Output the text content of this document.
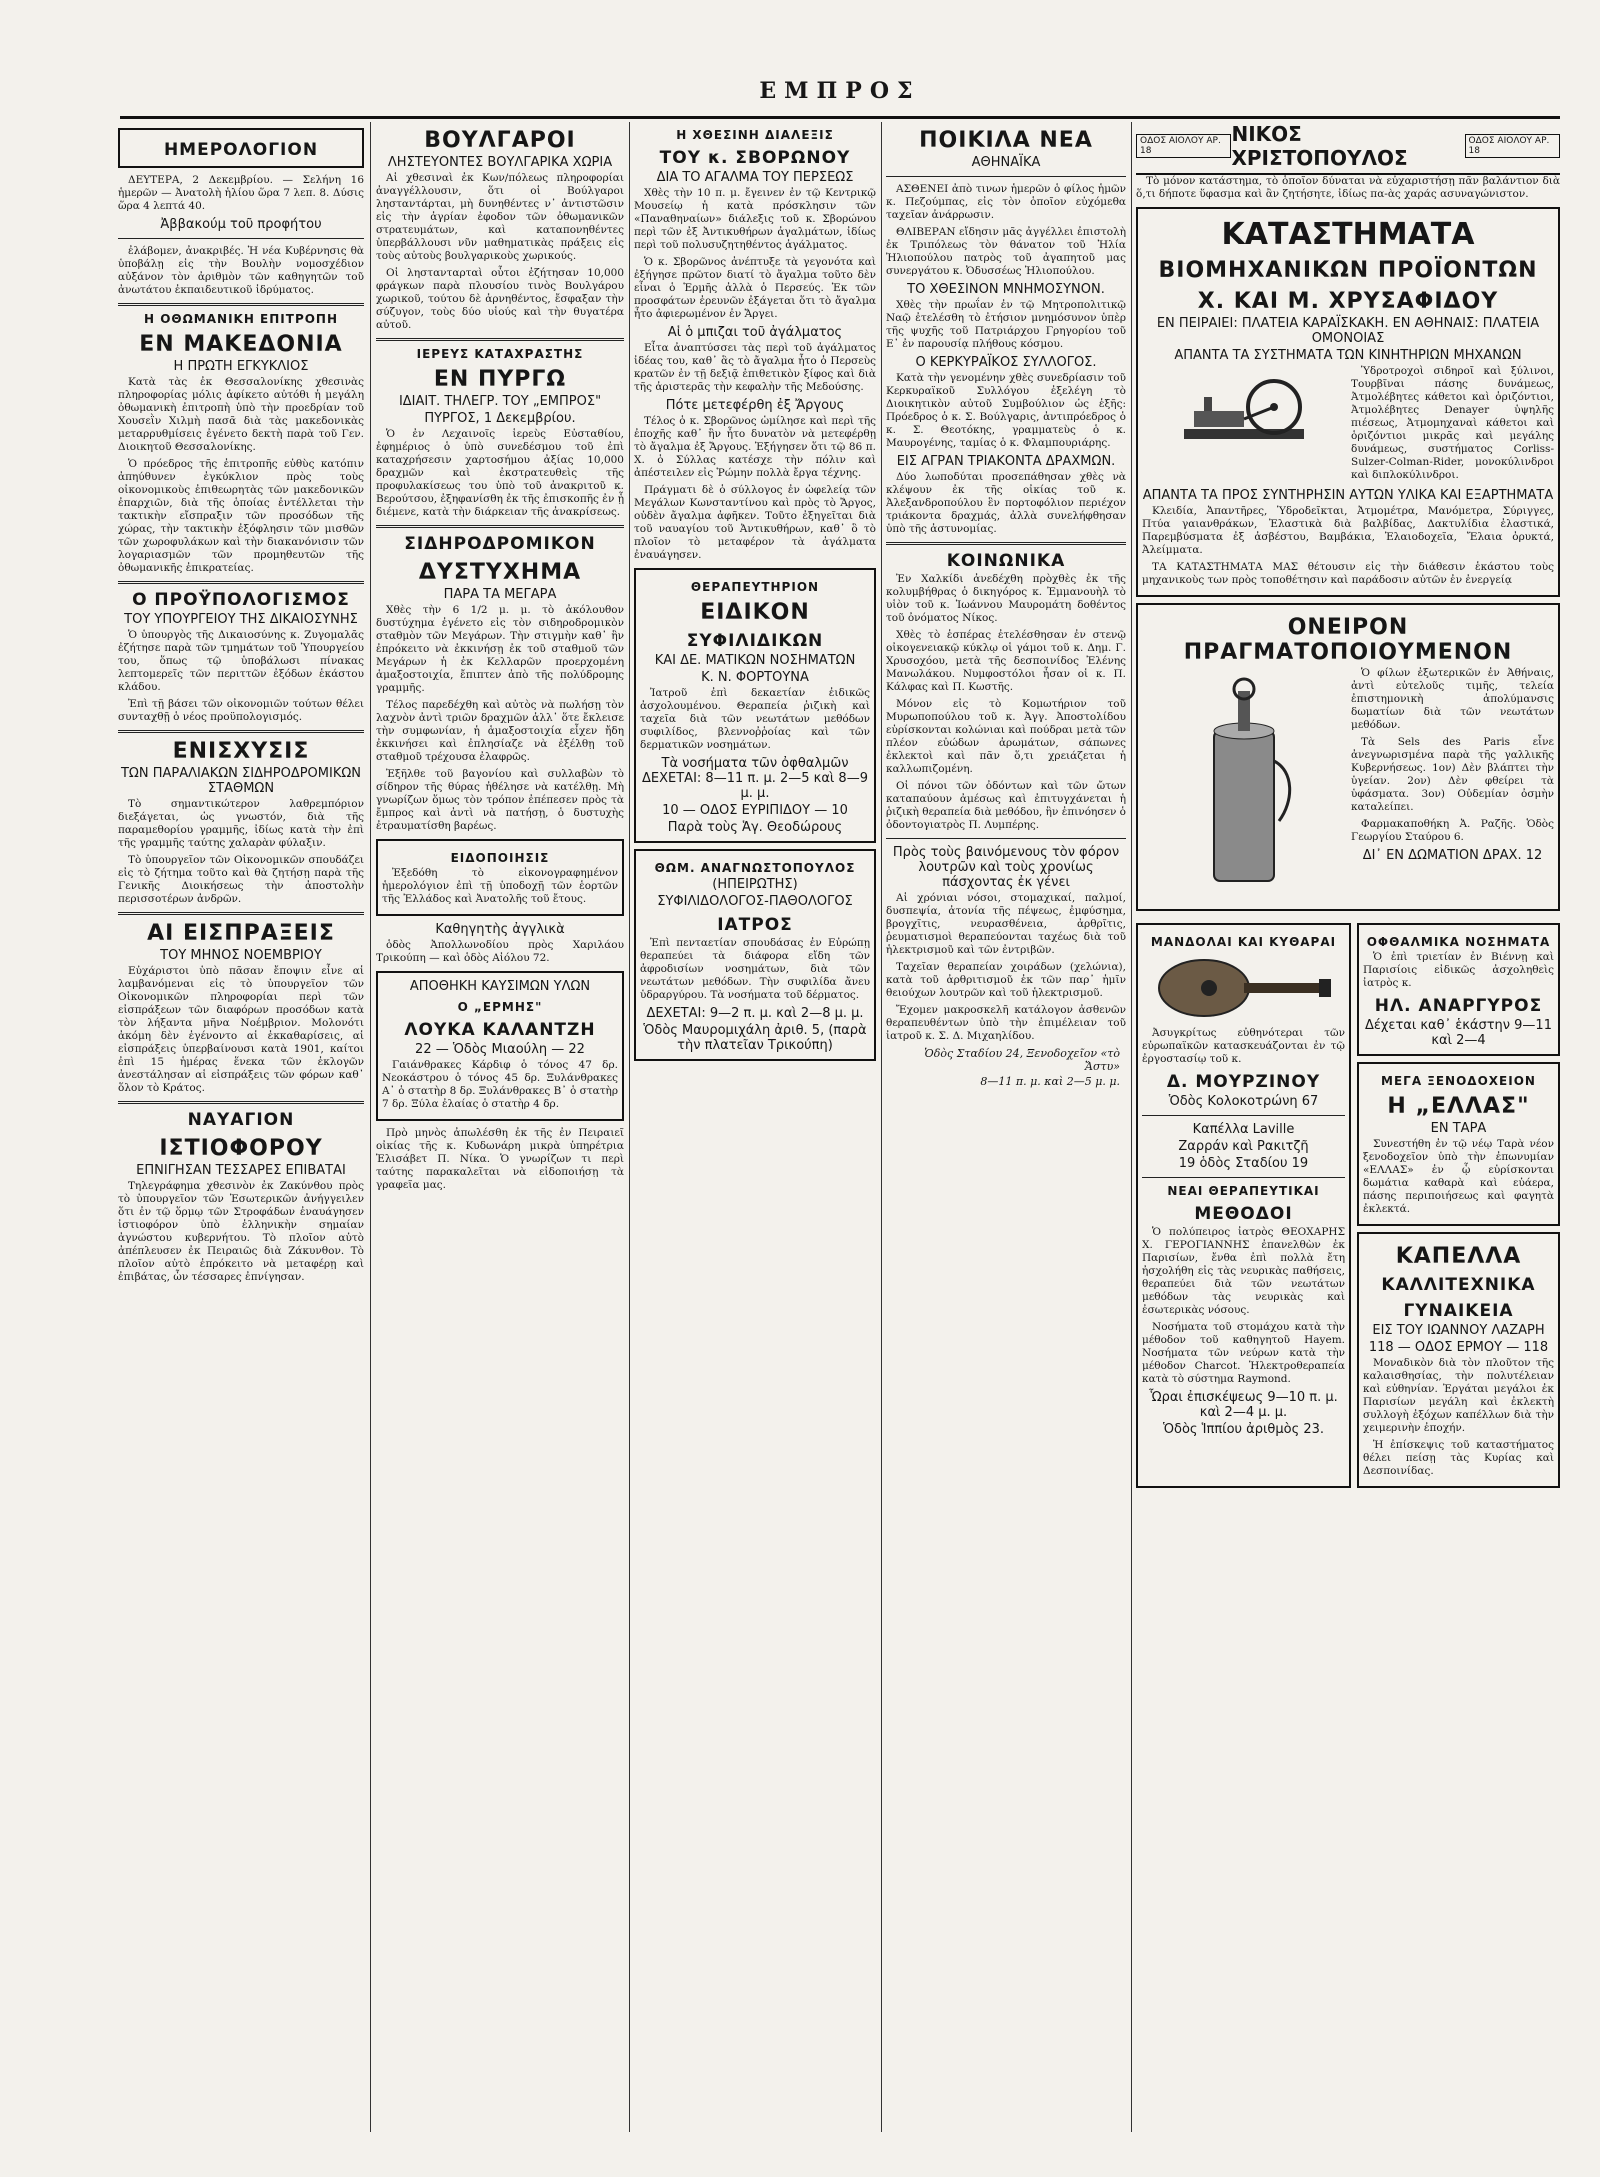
ΕΜΠΡΟΣ
ΗΜΕΡΟΛΟΓΙΟΝ

ΔΕΥΤΕΡΑ, 2 Δεκεμβρίου. — Σελήνη 16 ἡμερῶν — Ἀνατολὴ ἡλίου ὥρα 7 λεπ. 8. Δύσις ὥρα 4 λεπτά 40.

Ἀββακούμ τοῦ προφήτου

ἐλάβομεν, ἀνακριβές. Ἡ νέα Κυβέρνησις θὰ ὑποβάλῃ εἰς τὴν Βουλὴν νομοσχέδιον αὐξάνον τὸν ἀριθμὸν τῶν καθηγητῶν τοῦ ἀνωτάτου ἐκπαιδευτικοῦ ἱδρύματος.

Η ΟΘΩΜΑΝΙΚΗ ΕΠΙΤΡΟΠΗ
ΕΝ ΜΑΚΕΔΟΝΙΑ
Η ΠΡΩΤΗ ΕΓΚΥΚΛΙΟΣ

Κατὰ τὰς ἐκ Θεσσαλονίκης χθεσινὰς πληροφορίας μόλις ἀφίκετο αὐτόθι ἡ μεγάλη ὀθωμανικὴ ἐπιτροπὴ ὑπὸ τὴν προεδρίαν τοῦ Χουσεῒν Χιλμὴ πασᾶ διὰ τὰς μακεδονικὰς μεταρρυθμίσεις ἐγένετο δεκτὴ παρὰ τοῦ Γεν. Διοικητοῦ Θεσσαλονίκης.

Ὁ πρόεδρος τῆς ἐπιτροπῆς εὐθὺς κατόπιν ἀπηύθυνεν ἐγκύκλιον πρὸς τοὺς οἰκονομικοὺς ἐπιθεωρητὰς τῶν μακεδονικῶν ἐπαρχιῶν, διὰ τῆς ὁποίας ἐντέλλεται τὴν τακτικὴν εἴσπραξιν τῶν προσόδων τῆς χώρας, τὴν τακτικὴν ἐξόφλησιν τῶν μισθῶν τῶν χωροφυλάκων καὶ τὴν διακανόνισιν τῶν λογαριασμῶν τῶν προμηθευτῶν τῆς ὀθωμανικῆς ἐπικρατείας.

Ο ΠΡΟΫΠΟΛΟΓΙΣΜΟΣ
ΤΟΥ ΥΠΟΥΡΓΕΙΟΥ ΤΗΣ ΔΙΚΑΙΟΣΥΝΗΣ

Ὁ ὑπουργὸς τῆς Δικαιοσύνης κ. Ζυγομαλᾶς ἐζήτησε παρὰ τῶν τμημάτων τοῦ Ὑπουργείου του, ὅπως τῷ ὑποβάλωσι πίνακας λεπτομερεῖς τῶν περιττῶν ἐξόδων ἑκάστου κλάδου.

Ἐπὶ τῇ βάσει τῶν οἰκονομιῶν τούτων θέλει συνταχθῇ ὁ νέος προϋπολογισμός.

ΕΝΙΣΧΥΣΙΣ
ΤΩΝ ΠΑΡΑΛΙΑΚΩΝ ΣΙΔΗΡΟΔΡΟΜΙΚΩΝ ΣΤΑΘΜΩΝ

Τὸ σημαντικώτερον λαθρεμπόριον διεξάγεται, ὡς γνωστόν, διὰ τῆς παραμεθορίου γραμμῆς, ἰδίως κατὰ τὴν ἐπὶ τῆς γραμμῆς ταύτης χαλαρὰν φύλαξιν.

Τὸ ὑπουργεῖον τῶν Οἰκονομικῶν σπουδάζει εἰς τὸ ζήτημα τοῦτο καὶ θὰ ζητήσῃ παρὰ τῆς Γενικῆς Διοικήσεως τὴν ἀποστολὴν περισσοτέρων ἀνδρῶν.

ΑΙ ΕΙΣΠΡΑΞΕΙΣ
ΤΟΥ ΜΗΝΟΣ ΝΟΕΜΒΡΙΟΥ

Εὐχάριστοι ὑπὸ πᾶσαν ἔποψιν εἶνε αἱ λαμβανόμεναι εἰς τὸ ὑπουργεῖον τῶν Οἰκονομικῶν πληροφορίαι περὶ τῶν εἰσπράξεων τῶν διαφόρων προσόδων κατὰ τὸν λήξαντα μῆνα Νοέμβριον. Μολονότι ἀκόμη δὲν ἐγένοντο αἱ ἐκκαθαρίσεις, αἱ εἰσπράξεις ὑπερβαίνουσι κατὰ 1901, καίτοι ἐπὶ 15 ἡμέρας ἕνεκα τῶν ἐκλογῶν ἀνεστάλησαν αἱ εἰσπράξεις τῶν φόρων καθ᾽ ὅλον τὸ Κράτος.

ΝΑΥΑΓΙΟΝ
ΙΣΤΙΟΦΟΡΟΥ
ΕΠΝΙΓΗΣΑΝ ΤΕΣΣΑΡΕΣ ΕΠΙΒΑΤΑΙ

Τηλεγράφημα χθεσινὸν ἐκ Ζακύνθου πρὸς τὸ ὑπουργεῖον τῶν Ἐσωτερικῶν ἀνήγγειλεν ὅτι ἐν τῷ ὅρμῳ τῶν Στροφάδων ἐναυάγησεν ἰστιοφόρον ὑπὸ ἑλληνικὴν σημαίαν ἀγνώστου κυβερνήτου. Τὸ πλοῖον αὐτὸ ἀπέπλευσεν ἐκ Πειραιῶς διὰ Ζάκυνθον. Τὸ πλοῖον αὐτὸ ἐπρόκειτο νὰ μεταφέρῃ καὶ ἐπιβάτας, ὧν τέσσαρες ἐπνίγησαν.

ΒΟΥΛΓΑΡΟΙ
ΛΗΣΤΕΥΟΝΤΕΣ ΒΟΥΛΓΑΡΙΚΑ ΧΩΡΙΑ

Αἱ χθεσιναὶ ἐκ Κων/πόλεως πληροφορίαι ἀναγγέλλουσιν, ὅτι οἱ Βούλγαροι λησταντάρται, μὴ δυνηθέντες ν᾽ ἀντιστῶσιν εἰς τὴν ἀγρίαν ἐφοδον τῶν ὀθωμανικῶν στρατευμάτων, καὶ καταπονηθέντες ὑπερβάλλουσι νῦν μαθηματικὰς πράξεις εἰς τοὺς αὐτοὺς βουλγαρικοὺς χωρικούς.

Οἱ ληστανταρταὶ οὗτοι ἐζήτησαν 10,000 φράγκων παρὰ πλουσίου τινὸς Βουλγάρου χωρικοῦ, τούτου δὲ ἀρνηθέντος, ἔσφαξαν τὴν σύζυγον, τοὺς δύο υἱούς καὶ τὴν θυγατέρα αὐτοῦ.

ΙΕΡΕΥΣ ΚΑΤΑΧΡΑΣΤΗΣ
ΕΝ ΠΥΡΓΩ
ΙΔΙΑΙΤ. ΤΗΛΕΓΡ. ΤΟΥ „ΕΜΠΡΟΣ"
ΠΥΡΓΟΣ, 1 Δεκεμβρίου.

Ὁ ἐν Λεχαινοῖς ἱερεὺς Εὐσταθίου, ἐφημέριος ὁ ὑπὸ συνεδέσμου τοῦ ἐπὶ καταχρήσεσιν χαρτοσήμου ἀξίας 10,000 δραχμῶν καὶ ἐκστρατευθεὶς τῆς προφυλακίσεως του ὑπὸ τοῦ ἀνακριτοῦ κ. Βερούτσου, ἐξηφανίσθη ἐκ τῆς ἐπισκοπῆς ἐν ᾗ διέμενε, κατὰ τὴν διάρκειαν τῆς ἀνακρίσεως.

ΣΙΔΗΡΟΔΡΟΜΙΚΟΝ
ΔΥΣΤΥΧΗΜΑ
ΠΑΡΑ ΤΑ ΜΕΓΑΡΑ

Χθὲς τὴν 6 1/2 μ. μ. τὸ ἀκόλουθον δυστύχημα ἐγένετο εἰς τὸν σιδηροδρομικὸν σταθμὸν τῶν Μεγάρων. Τὴν στιγμὴν καθ᾽ ἣν ἐπρόκειτο νὰ ἐκκινήσῃ ἐκ τοῦ σταθμοῦ τῶν Μεγάρων ἡ ἐκ Κελλαρῶν προερχομένη ἁμαξοστοιχία, ἔπιπτεν ἀπὸ τῆς πολύδρομης γραμμῆς.

Τέλος παρεδέχθη καὶ αὐτὸς νὰ πωλήσῃ τὸν λαχνὸν ἀντὶ τριῶν δραχμῶν ἀλλ᾽ ὅτε ἔκλεισε τὴν συμφωνίαν, ἡ ἁμαξοστοιχία εἶχεν ἤδη ἐκκινήσει καὶ ἐπλησίαζε νὰ ἐξέλθῃ τοῦ σταθμοῦ τρέχουσα ἐλαφρῶς.

Ἐξῆλθε τοῦ βαγονίου καὶ συλλαβὼν τὸ σίδηρον τῆς θύρας ἠθέλησε νὰ κατέλθῃ. Μὴ γνωρίζων ὅμως τὸν τρόπον ἐπέπεσεν πρὸς τὰ ἔμπρος καὶ ἀντὶ νὰ πατήσῃ, ὁ δυστυχὴς ἐτραυματίσθη βαρέως.

ΕΙΔΟΠΟΙΗΣΙΣ

Ἐξεδόθη τὸ εἰκονογραφημένον ἡμερολόγιον ἐπὶ τῇ ὑποδοχῇ τῶν ἑορτῶν τῆς Ἐλλάδος καὶ Ἀνατολῆς τοῦ ἔτους.

Καθηγητὴς ἀγγλικὰ

ὁδὸς Ἀπολλωνοδίου πρὸς Χαριλάου Τρικούπη — καὶ ὁδὸς Αἰόλου 72.

ΑΠΟΘΗΚΗ ΚΑΥΣΙΜΩΝ ΥΛΩΝ
Ο „ΕΡΜΗΣ"
ΛΟΥΚΑ ΚΑΛΑΝΤΖΗ
22 — Ὁδὸς Μιαούλη — 22

Γαιάνθρακες Κάρδιφ ὁ τόνος 47 δρ. Νεοκάστρου ὁ τόνος 45 δρ. Ξυλάνθρακες Α᾽ ὁ στατὴρ 8 δρ. Ξυλάνθρακες Β᾽ ὁ στατὴρ 7 δρ. Ξύλα ἐλαίας ὁ στατὴρ 4 δρ.

Πρὸ μηνὸς ἀπωλέσθη ἐκ τῆς ἐν Πειραιεῖ οἰκίας τῆς κ. Κυδωνάρη μικρὰ ὑπηρέτρια Ἑλισάβετ Π. Νίκα. Ὁ γνωρίζων τι περὶ ταύτης παρακαλεῖται νὰ εἰδοποιήσῃ τὰ γραφεῖα μας.

Η ΧΘΕΣΙΝΗ ΔΙΑΛΕΞΙΣ
ΤΟΥ κ. ΣΒΟΡΩΝΟΥ
ΔΙΑ ΤΟ ΑΓΑΛΜΑ ΤΟΥ ΠΕΡΣΕΩΣ

Χθὲς τὴν 10 π. μ. ἔγεινεν ἐν τῷ Κεντρικῷ Μουσείῳ ἡ κατὰ πρόσκλησιν τῶν «Παναθηναίων» διάλεξις τοῦ κ. Σβορώνου περὶ τῶν ἐξ Ἀντικυθήρων ἀγαλμάτων, ἰδίως περὶ τοῦ πολυσυζητηθέντος ἀγάλματος.

Ὁ κ. Σβορῶνος ἀνέπτυξε τὰ γεγονότα καὶ ἐξήγησε πρῶτον διατί τὸ ἄγαλμα τοῦτο δὲν εἶναι ὁ Ἑρμῆς ἀλλὰ ὁ Περσεύς. Ἐκ τῶν προσφάτων ἐρευνῶν ἐξάγεται ὅτι τὸ ἄγαλμα ἦτο ἀφιερωμένον ἐν Ἄργει.

Αἱ ὁ μπιζαι τοῦ ἀγάλματος

Εἶτα ἀναπτύσσει τὰς περὶ τοῦ ἀγάλματος ἰδέας του, καθ᾽ ἃς τὸ ἄγαλμα ἦτο ὁ Περσεὺς κρατῶν ἐν τῇ δεξιᾷ ἐπιθετικὸν ξίφος καὶ διὰ τῆς ἀριστερᾶς τὴν κεφαλὴν τῆς Μεδούσης.

Πότε μετεφέρθη ἐξ Ἄργους

Τέλος ὁ κ. Σβορῶνος ὡμίλησε καὶ περὶ τῆς ἐποχῆς καθ᾽ ἣν ἦτο δυνατὸν νὰ μετεφέρθῃ τὸ ἄγαλμα ἐξ Ἄργους. Ἐξήγησεν ὅτι τῷ 86 π. Χ. ὁ Σύλλας κατέσχε τὴν πόλιν καὶ ἀπέστειλεν εἰς Ῥώμην πολλὰ ἔργα τέχνης.

Πράγματι δὲ ὁ σύλλογος ἐν ὠφελείᾳ τῶν Μεγάλων Κωνσταντίνου καὶ πρὸς τὸ Ἄργος, οὐδὲν ἄγαλμα ἀφῆκεν. Τοῦτο ἐξηγεῖται διὰ τοῦ ναυαγίου τοῦ Ἀντικυθήρων, καθ᾽ ὃ τὸ πλοῖον τὸ μεταφέρον τὰ ἀγάλματα ἐναυάγησεν.

ΘΕΡΑΠΕΥΤΗΡΙΟΝ
ΕΙΔΙΚΟΝ
ΣΥΦΙΛΙΔΙΚΩΝ
ΚΑΙ ΔΕ. ΜΑΤΙΚΩΝ ΝΟΣΗΜΑΤΩΝ
Κ. Ν. ΦΟΡΤΟΥΝΑ

Ἰατροῦ ἐπὶ δεκαετίαν ἐιδικῶς ἀσχολουμένου. Θεραπεία ῥιζικὴ καὶ ταχεῖα διὰ τῶν νεωτάτων μεθόδων συφιλίδος, βλεννοῤῥοίας καὶ τῶν δερματικῶν νοσημάτων.

Τὰ νοσήματα τῶν ὀφθαλμῶν ΔΕΧΕΤΑΙ: 8—11 π. μ. 2—5 καὶ 8—9 μ. μ.
10 — ΟΔΟΣ ΕΥΡΙΠΙΔΟΥ — 10
Παρὰ τοὺς Ἁγ. Θεοδώρους
ΘΩΜ. ΑΝΑΓΝΩΣΤΟΠΟΥΛΟΣ
(ΗΠΕΙΡΩΤΗΣ)
ΣΥΦΙΛΙΔΟΛΟΓΟΣ-ΠΑΘΟΛΟΓΟΣ
ΙΑΤΡΟΣ

Ἐπὶ πενταετίαν σπουδάσας ἐν Εὐρώπῃ θεραπεύει τὰ διάφορα εἴδη τῶν ἀφροδισίων νοσημάτων, διὰ τῶν νεωτάτων μεθόδων. Τὴν συφιλίδα ἄνευ ὑδραργύρου. Τὰ νοσήματα τοῦ δέρματος.

ΔΕΧΕΤΑΙ: 9—2 π. μ. καὶ 2—8 μ. μ.
Ὁδὸς Μαυρομιχάλη ἀριθ. 5, (παρὰ τὴν πλατεῖαν Τρικούπη)
ΠΟΙΚΙΛΑ ΝΕΑ
ΑΘΗΝΑΪΚΑ

ΑΣΘΕΝΕΙ ἀπὸ τινων ἡμερῶν ὁ φίλος ἡμῶν κ. Πεζούμπας, εἰς τὸν ὁποῖον εὐχόμεθα ταχεῖαν ἀνάρρωσιν.

ΘΛΙΒΕΡΑΝ εἴδησιν μᾶς ἀγγέλλει ἐπιστολὴ ἐκ Τριπόλεως τὸν θάνατον τοῦ Ἠλία Ἠλιοπούλου πατρὸς τοῦ ἀγαπητοῦ μας συνεργάτου κ. Ὀδυσσέως Ἠλιοπούλου.

ΤΟ ΧΘΕΣΙΝΟΝ ΜΝΗΜΟΣΥΝΟΝ.

Χθὲς τὴν πρωΐαν ἐν τῷ Μητροπολιτικῷ Ναῷ ἐτελέσθη τὸ ἐτήσιον μνημόσυνον ὑπὲρ τῆς ψυχῆς τοῦ Πατριάρχου Γρηγορίου τοῦ Ε᾽ ἐν παρουσίᾳ πλήθους κόσμου.

Ο ΚΕΡΚΥΡΑΪΚΟΣ ΣΥΛΛΟΓΟΣ.

Κατὰ τὴν γενομένην χθὲς συνεδρίασιν τοῦ Κερκυραϊκοῦ Συλλόγου ἐξελέγη τὸ Διοικητικὸν αὐτοῦ Συμβούλιον ὡς ἑξῆς: Πρόεδρος ὁ κ. Σ. Βούλγαρις, ἀντιπρόεδρος ὁ κ. Σ. Θεοτόκης, γραμματεὺς ὁ κ. Μαυρογένης, ταμίας ὁ κ. Φλαμπουριάρης.

ΕΙΣ ΑΓΡΑΝ ΤΡΙΑΚΟΝΤΑ ΔΡΑΧΜΩΝ.

Δύο λωποδύται προσεπάθησαν χθὲς νὰ κλέψουν ἐκ τῆς οἰκίας τοῦ κ. Ἀλεξανδροπούλου ἓν πορτοφόλιον περιέχον τριάκοντα δραχμάς, ἀλλὰ συνελήφθησαν ὑπὸ τῆς ἀστυνομίας.

ΚΟΙΝΩΝΙΚΑ

Ἐν Χαλκίδι ἀνεδέχθη πρὸχθὲς ἐκ τῆς κολυμβήθρας ὁ δικηγόρος κ. Ἐμμανουὴλ τὸ υἱὸν τοῦ κ. Ἰωάννου Μαυρομάτη δοθέντος τοῦ ὀνόματος Νίκος.

Χθὲς τὸ ἑσπέρας ἐτελέσθησαν ἐν στενῷ οἰκογενειακῷ κύκλῳ οἱ γάμοι τοῦ κ. Δημ. Γ. Χρυσοχόου, μετὰ τῆς δεσποινίδος Ἐλένης Μανωλάκου. Νυμφοστόλοι ἦσαν οἱ κ. Π. Κάλφας καὶ Π. Κωστῆς.

Μόνον εἰς τὸ Κομωτήριον τοῦ Μυρωποπούλου τοῦ κ. Ἀγγ. Ἀποστολίδου εὑρίσκονται κολώνιαι καὶ πούδραι μετὰ τῶν πλέον εὐώδων ἀρωμάτων, σάπωνες ἐκλεκτοὶ καὶ πᾶν ὅ,τι χρειάζεται ἡ καλλωπιζομένη.

Οἱ πόνοι τῶν ὀδόντων καὶ τῶν ὤτων καταπαύουν ἀμέσως καὶ ἐπιτυγχάνεται ἡ ῥιζικὴ θεραπεία διὰ μεθόδου, ἣν ἐπινόησεν ὁ ὀδοντογιατρὸς Π. Λυμπέρης.

Πρὸς τοὺς βαινόμενους τὸν φόρον λουτρῶν καὶ τοὺς χρονίως πάσχοντας ἐκ γένει

Αἱ χρόνιαι νόσοι, στομαχικαί, παλμοί, δυσπεψία, ἀτονία τῆς πέψεως, ἐμφύσημα, βρογχῖτις, νευρασθένεια, ἀρθρῖτις, ῥευματισμοὶ θεραπεύονται ταχέως διὰ τοῦ ἡλεκτρισμοῦ καὶ τῶν ἐντριβῶν.

Ταχεῖαν θεραπείαν χοιράδων (χελώνια), κατὰ τοῦ ἀρθριτισμοῦ ἐκ τῶν παρ᾽ ἡμῖν θειούχων λουτρῶν καὶ τοῦ ἡλεκτρισμοῦ.

Ἔχομεν μακροσκελῆ κατάλογον ἀσθενῶν θεραπευθέντων ὑπὸ τὴν ἐπιμέλειαν τοῦ ἰατροῦ κ. Σ. Δ. Μιχαηλίδου.

Ὁδὸς Σταδίου 24, Ξενοδοχεῖον «τὸ Ἄστυ»
8—11 π. μ. καὶ 2—5 μ. μ.
ΟΔΟΣ ΑΙΟΛΟΥ ΑΡ. 18
ΝΙΚΟΣ ΧΡΙΣΤΟΠΟΥΛΟΣ
ΟΔΟΣ ΑΙΟΛΟΥ ΑΡ. 18

Τὸ μόνον κατάστημα, τὸ ὁποῖον δύναται νὰ εὐχαριστήσῃ πᾶν βαλάντιον διὰ ὅ,τι δήποτε ὕφασμα καὶ ἂν ζητήσητε, ἰδίως πα-ὰς χαράς ασυναγώνιστον.

ΚΑΤΑΣΤΗΜΑΤΑ
ΒΙΟΜΗΧΑΝΙΚΩΝ ΠΡΟΪΟΝΤΩΝ
Χ. ΚΑΙ Μ. ΧΡΥΣΑΦΙΔΟΥ
ΕΝ ΠΕΙΡΑΙΕΙ: ΠΛΑΤΕΙΑ ΚΑΡΑΪΣΚΑΚΗ. ΕΝ ΑΘΗΝΑΙΣ: ΠΛΑΤΕΙΑ ΟΜΟΝΟΙΑΣ
ΑΠΑΝΤΑ ΤΑ ΣΥΣΤΗΜΑΤΑ ΤΩΝ ΚΙΝΗΤΗΡΙΩΝ ΜΗΧΑΝΩΝ

Ὑδροτροχοὶ σιδηροῖ καὶ ξύλινοι, Τουρβῖναι πάσης δυνάμεως, Ἀτμολέβητες κάθετοι καὶ ὁριζόντιοι, Ἀτμολέβητες Denayer ὑψηλῆς πιέσεως, Ἀτμομηχαναὶ κάθετοι καὶ ὁριζόντιοι μικρᾶς καὶ μεγάλης δυνάμεως, συστήματος Corliss-Sulzer-Colman-Rider, μονοκύλινδροι καὶ διπλοκύλινδροι.

ΑΠΑΝΤΑ ΤΑ ΠΡΟΣ ΣΥΝΤΗΡΗΣΙΝ ΑΥΤΩΝ ΥΛΙΚΑ ΚΑΙ ΕΞΑΡΤΗΜΑΤΑ

Κλειδία, Ἀπαντῆρες, Ὑδροδεῖκται, Ἀτμομέτρα, Μανόμετρα, Σύριγγες, Πτύα γαιανθράκων, Ἐλαστικὰ διὰ βαλβίδας, Δακτυλίδια ἐλαστικά, Παρεμβύσματα ἐξ ἀσβέστου, Βαμβάκια, Ἐλαιοδοχεῖα, Ἔλαια ὀρυκτά, Ἀλείμματα.

ΤΑ ΚΑΤΑΣΤΗΜΑΤΑ ΜΑΣ θέτουσιν εἰς τὴν διάθεσιν ἑκάστου τοὺς μηχανικοὺς των πρὸς τοποθέτησιν καὶ παράδοσιν αὐτῶν ἐν ἐνεργείᾳ

ΟΝΕΙΡΟΝ ΠΡΑΓΜΑΤΟΠΟΙΟΥΜΕΝΟΝ

Ὁ φίλων ἐξωτερικῶν ἐν Ἀθήναις, ἀντὶ εὐτελοῦς τιμῆς, τελεία ἐπιστημονικὴ ἀπολύμανσις δωματίων διὰ τῶν νεωτάτων μεθόδων.

Τὰ Sels des Paris εἶνε ἀνεγνωρισμένα παρὰ τῆς γαλλικῆς Κυβερνήσεως. 1ον) Δὲν βλάπτει τὴν ὑγείαν. 2ον) Δὲν φθείρει τὰ ὑφάσματα. 3ον) Οὐδεμίαν ὀσμὴν καταλείπει.

Φαρμακαποθήκη Ἀ. Ραζῆς. Ὁδὸς Γεωργίου Σταύρου 6.

ΔΙ᾽ ΕΝ ΔΩΜΑΤΙΟΝ ΔΡΑΧ. 12
ΜΑΝΔΟΛΑΙ ΚΑΙ ΚΥΘΑΡΑΙ

Ἀσυγκρίτως εὐθηνότεραι τῶν εὐρωπαϊκῶν κατασκευάζονται ἐν τῷ ἐργοστασίῳ τοῦ κ.

Δ. ΜΟΥΡΖΙΝΟΥ
Ὁδὸς Κολοκοτρώνη 67
Καπέλλα Laville
Ζαρράν καὶ Ρακιτζῆ
19 ὁδὸς Σταδίου 19
ΝΕΑΙ ΘΕΡΑΠΕΥΤΙΚΑΙ
ΜΕΘΟΔΟΙ

Ὁ πολύπειρος ἰατρὸς ΘΕΟΧΑΡΗΣ Χ. ΓΕΡΟΓΙΑΝΝΗΣ ἐπανελθὼν ἐκ Παρισίων, ἔνθα ἐπὶ πολλὰ ἔτη ἠσχολήθη εἰς τὰς νευρικὰς παθήσεις, θεραπεύει διὰ τῶν νεωτάτων μεθόδων τὰς νευρικὰς καὶ ἐσωτερικὰς νόσους.

Νοσήματα τοῦ στομάχου κατὰ τὴν μέθοδον τοῦ καθηγητοῦ Hayem. Νοσήματα τῶν νεύρων κατὰ τὴν μέθοδον Charcot. Ἡλεκτροθεραπεία κατὰ τὸ σύστημα Raymond.

Ὧραι ἐπισκέψεως 9—10 π. μ. καὶ 2—4 μ. μ.
Ὁδὸς Ἱππίου ἀριθμὸς 23.
ΟΦΘΑΛΜΙΚΑ ΝΟΣΗΜΑΤΑ

Ὁ ἐπὶ τριετίαν ἐν Βιέννῃ καὶ Παρισίοις εἰδικῶς ἀσχοληθεὶς ἰατρὸς κ.

ΗΛ. ΑΝΑΡΓΥΡΟΣ
Δέχεται καθ᾽ ἑκάστην 9—11 καὶ 2—4
ΜΕΓΑ ΞΕΝΟΔΟΧΕΙΟΝ
Η „ΕΛΛΑΣ"
ΕΝ ΤΑΡΑ

Συνεστήθη ἐν τῷ νέῳ Ταρὰ νέον ξενοδοχεῖον ὑπὸ τὴν ἐπωνυμίαν «ΕΛΛΑΣ» ἐν ᾧ εὑρίσκονται δωμάτια καθαρὰ καὶ εὐάερα, πάσης περιποιήσεως καὶ φαγητὰ ἐκλεκτά.

ΚΑΠΕΛΛΑ
ΚΑΛΛΙΤΕΧΝΙΚΑ
ΓΥΝΑΙΚΕΙΑ
ΕΙΣ ΤΟΥ ΙΩΑΝΝΟΥ ΛΑΖΑΡΗ
118 — ΟΔΟΣ ΕΡΜΟΥ — 118

Μοναδικὸν διὰ τὸν πλοῦτον τῆς καλαισθησίας, τὴν πολυτέλειαν καὶ εὐθηνίαν. Ἐργάται μεγάλοι ἐκ Παρισίων μεγάλη καὶ ἐκλεκτὴ συλλογὴ ἐξόχων καπέλλων διὰ τὴν χειμερινὴν ἐποχήν.

Ἡ ἐπίσκεψις τοῦ καταστήματος θέλει πείσῃ τὰς Κυρίας καὶ Δεσποινίδας.
